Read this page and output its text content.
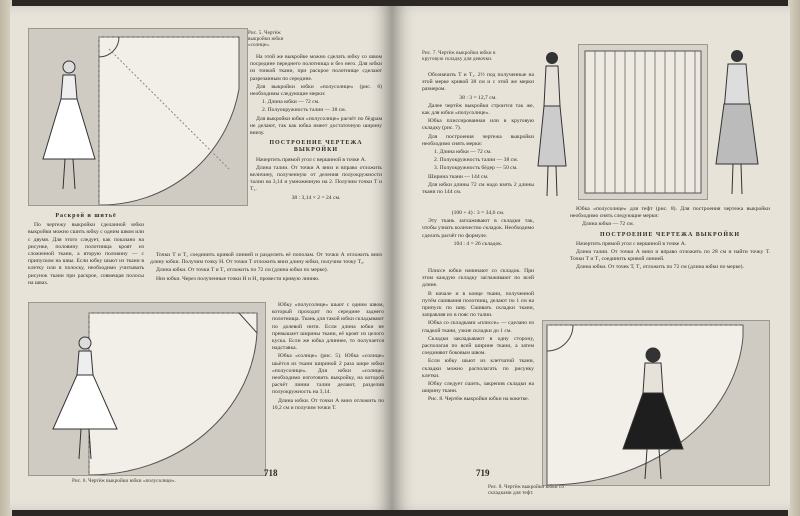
Рис. 5. Чертёж выкройки юбки «солнце».

На этой же выкройке можно сделать юбку со швом посредине переднего полотнища и без него. Для юбки из тонкой ткани, при раскрое полотнище сделают разрезанным по середине.

Для выкройки юбки «полусолнце» (рис. 6) необходимы следующие мерки:

1. Длина юбки — 72 см.

2. Полуокружность талии — 38 см.

Для выкройки юбки «полусолнце» расчёт по бёдрам не делают, так как юбка имеет достаточную ширину внизу.

ПОСТРОЕНИЕ ЧЕРТЕЖА ВЫКРОЙКИ

Начертить прямой угол с вершиной в точке А.

Длина талии. От точки А вниз и вправо отложить величину, полученную от деления полуокружности талии на 3,14 и умноженную на 2. Получим точки Т и Т₁.

38 : 3,14 × 2 = 24 см.

Раскрой и шитьё

По чертежу выкройки сделанной юбки выкройки можно сшить юбку с одним швом или с двумя. Для этого следует, как показано на рисунке, половину полотнища кроят из сложенной ткани, а вторую половину — с припуском на швы. Если юбку шьют из ткани в клетку или в полоску, необходимо учитывать рисунок ткани при раскрое, совмещая полосы на швах.

Точки Т и Т₁ соединить кривой линией и разделить её пополам. От точки А отложить вниз длину юбки. Получим точку Н. От точки Т отложить вниз длину юбки, получим точку Т₂.

Длина юбки. От точки Т и Т₁ отложить по 72 см (длина юбки по мерке).

Низ юбки. Через полученные точки Н и Н₁ провести кривую линию.

Рис. 6. Чертёж выкройки юбки «полусолнце».

Юбку «полусолнце» шьют с одним швом, который проходит по середине заднего полотнища. Ткань для такой юбки складывают по долевой нити. Если длина юбки не превышает ширины ткани, её кроят из целого куска. Если же юбка длиннее, то получается надставка.

Юбка «солнце» (рис. 5). Юбка «солнце» шьётся из ткани шириной 2 раза шире юбки «полусолнце». Для юбки «солнце» необходимо изготовить выкройку, на которой расчёт линии талии делают, разделив полуокружность на 3,14.

Длина юбки. От точки А вниз отложить по 10,2 см и получим точки Т.

718
Рис. 7. Чертёж выкройки юбки в круговую складку для девочки.

Обозначить Т и Т₁. 2½ под полученные на этой мерке кривой 38 см и с этой же мерки размером.

38 : 3 = 12,7 см.

Далее чертёж выкройки строится так же, как для юбки «полусолнце».

Юбка плиссированная или в круговую складку (рис. 7).

Для построения чертежа выкройки необходимо снять мерки:

1. Длина юбки — 72 см.

2. Полуокружность талии — 38 см.

3. Полуокружность бёдер — 50 см.

Ширина ткани — 144 см.

Для юбки длины 72 см надо взять 2 длины ткани по 144 см.

(100 + 4) : 3 = 34,6 см.

Эту ткань заглаживают в складки так, чтобы узнать количество складок. Необходимо сделать расчёт по формуле.

104 : 4 = 26 складок.

Плиссе юбки начинают со складок. При этом каждую складку заглаживают по всей длине.

В начале и в конце ткани, полученной путём сшивания полотнищ, делают по 1 см на припуск по шву. Сшивать складки ткани, заправляя их в пояс по талии.

Юбка со складками «плиссе» — сделано из гладкой ткани, узкие складки до 1 см.

Складки закладывают в одну сторону, располагая по всей ширине ткани, а затем соединяют боковым швом.

Если юбку шьют из клетчатой ткани, складки можно располагать по рисунку клетки.

Юбку следует сшить, закрепив складки на ширину ткани.

Рис. 8. Чертёж выкройки юбки на кокетке.

Юбка «полусолнце» для тефт (рис. 8). Для построения чертежа выкройки необходимо снять следующие мерки:

Длина юбки — 72 см.

ПОСТРОЕНИЕ ЧЕРТЕЖА ВЫКРОЙКИ

Начертить прямой угол с вершиной в точке А.

Длина талии. От точки А вниз и вправо отложить по 28 см и найти точку Т. Точки Т и Т₁ соединить кривой линией.

Длина юбки. От точек Т, Т₁ отложить по 72 см (длина юбки по мерке).

Рис. 8. Чертёж выкройки юбки со складками для тефт.
719
